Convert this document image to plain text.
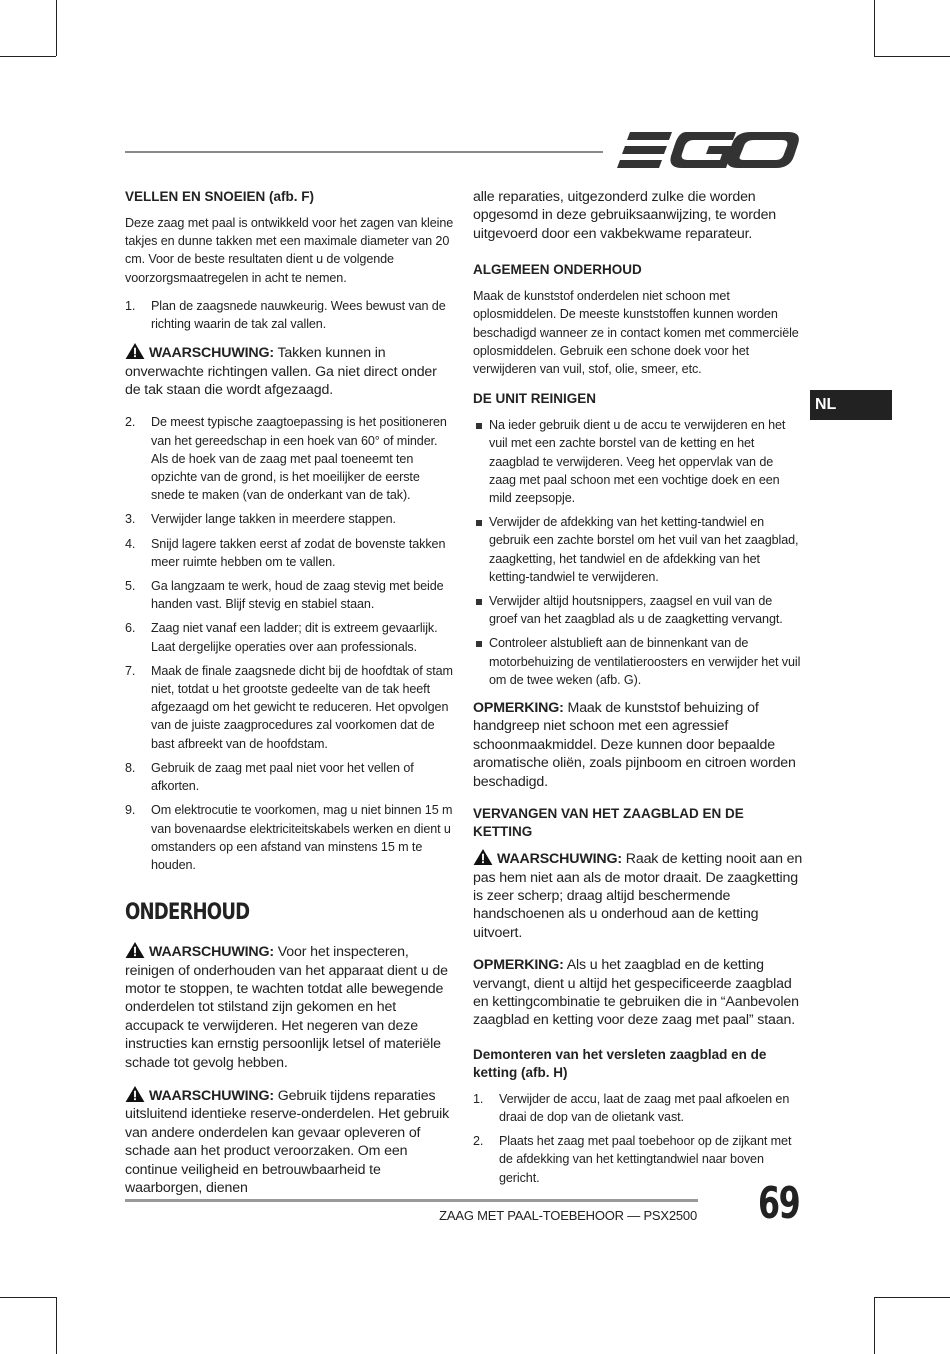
NL
VELLEN EN SNOEIEN (afb. F)

Deze zaag met paal is ontwikkeld voor het zagen van kleine takjes en dunne takken met een maximale diameter van 20 cm. Voor de beste resultaten dient u de volgende voorzorgsmaatregelen in acht te nemen.

1. Plan de zaagsnede nauwkeurig. Wees bewust van de richting waarin de tak zal vallen.

WAARSCHUWING: Takken kunnen in onverwachte richtingen vallen. Ga niet direct onder de tak staan die wordt afgezaagd.

2. De meest typische zaagtoepassing is het positioneren van het gereedschap in een hoek van 60° of minder. Als de hoek van de zaag met paal toeneemt ten opzichte van de grond, is het moeilijker de eerste snede te maken (van de onderkant van de tak).
3. Verwijder lange takken in meerdere stappen.
4. Snijd lagere takken eerst af zodat de bovenste takken meer ruimte hebben om te vallen.
5. Ga langzaam te werk, houd de zaag stevig met beide handen vast. Blijf stevig en stabiel staan.
6. Zaag niet vanaf een ladder; dit is extreem gevaarlijk. Laat dergelijke operaties over aan professionals.
7. Maak de finale zaagsnede dicht bij de hoofdtak of stam niet, totdat u het grootste gedeelte van de tak heeft afgezaagd om het gewicht te reduceren. Het opvolgen van de juiste zaagprocedures zal voorkomen dat de bast afbreekt van de hoofdstam.
8. Gebruik de zaag met paal niet voor het vellen of afkorten.
9. Om elektrocutie te voorkomen, mag u niet binnen 15 m van bovenaardse elektriciteitskabels werken en dient u omstanders op een afstand van minstens 15 m te houden.
ONDERHOUD

WAARSCHUWING: Voor het inspecteren, reinigen of onderhouden van het apparaat dient u de motor te stoppen, te wachten totdat alle bewegende onderdelen tot stilstand zijn gekomen en het accupack te verwijderen. Het negeren van deze instructies kan ernstig persoonlijk letsel of materiële schade tot gevolg hebben.

WAARSCHUWING: Gebruik tijdens reparaties uitsluitend identieke reserve-onderdelen. Het gebruik van andere onderdelen kan gevaar opleveren of schade aan het product veroorzaken. Om een continue veiligheid en betrouwbaarheid te waarborgen, dienen

alle reparaties, uitgezonderd zulke die worden opgesomd in deze gebruiksaanwijzing, te worden uitgevoerd door een vakbekwame reparateur.

ALGEMEEN ONDERHOUD

Maak de kunststof onderdelen niet schoon met oplosmiddelen. De meeste kunststoffen kunnen worden beschadigd wanneer ze in contact komen met commerciële oplosmiddelen. Gebruik een schone doek voor het verwijderen van vuil, stof, olie, smeer, etc.

DE UNIT REINIGEN
Na ieder gebruik dient u de accu te verwijderen en het vuil met een zachte borstel van de ketting en het zaagblad te verwijderen. Veeg het oppervlak van de zaag met paal schoon met een vochtige doek en een mild zeepsopje.
Verwijder de afdekking van het ketting-tandwiel en gebruik een zachte borstel om het vuil van het zaagblad, zaagketting, het tandwiel en de afdekking van het ketting-tandwiel te verwijderen.
Verwijder altijd houtsnippers, zaagsel en vuil van de groef van het zaagblad als u de zaagketting vervangt.
Controleer alstublieft aan de binnenkant van de motorbehuizing de ventilatieroosters en verwijder het vuil om de twee weken (afb. G).

OPMERKING: Maak de kunststof behuizing of handgreep niet schoon met een agressief schoonmaakmiddel. Deze kunnen door bepaalde aromatische oliën, zoals pijnboom en citroen worden beschadigd.

VERVANGEN VAN HET ZAAGBLAD EN DE KETTING

WAARSCHUWING: Raak de ketting nooit aan en pas hem niet aan als de motor draait. De zaagketting is zeer scherp; draag altijd beschermende handschoenen als u onderhoud aan de ketting uitvoert.

OPMERKING: Als u het zaagblad en de ketting vervangt, dient u altijd het gespecificeerde zaagblad en kettingcombinatie te gebruiken die in “Aanbevolen zaagblad en ketting voor deze zaag met paal” staan.

Demonteren van het versleten zaagblad en de ketting (afb. H)
1. Verwijder de accu, laat de zaag met paal afkoelen en draai de dop van de olietank vast.
2. Plaats het zaag met paal toebehoor op de zijkant met de afdekking van het kettingtandwiel naar boven gericht.
ZAAG MET PAAL-TOEBEHOOR — PSX2500 69
